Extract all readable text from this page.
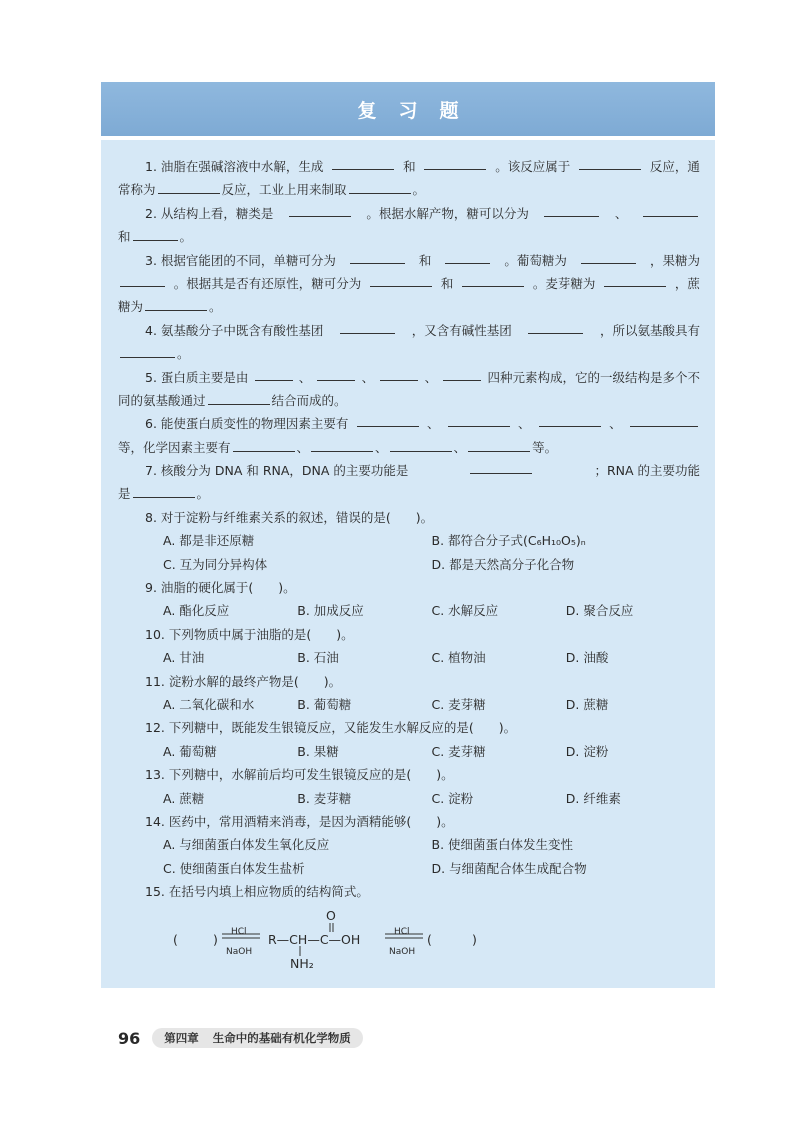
复习题
1. 油脂在强碱溶液中水解，生成	和	。该反应属于	反应，通
常称为	反应，工业上用来制取	。
2. 从结构上看，糖类是	。根据水解产物，糖可以分为	、
和	。
3. 根据官能团的不同，单糖可分为	和	。葡萄糖为	，果糖为
。根据其是否有还原性，糖可分为	和	。麦芽糖为	，蔗
糖为	。
4. 氨基酸分子中既含有酸性基团	，又含有碱性基团	，所以氨基酸具有
。
5. 蛋白质主要是由	、	、	、	四种元素构成，它的一级结构是多个不
同的氨基酸通过	结合而成的。
6. 能使蛋白质变性的物理因素主要有	、	、	、
等，化学因素主要有	、	、	、	等。
7. 核酸分为 DNA 和 RNA，DNA 的主要功能是	；RNA 的主要功能
是	。
8. 对于淀粉与纤维素关系的叙述，错误的是(　　)。
A. 都是非还原糖	B. 都符合分子式(C₆H₁₀O₅)ₙ
C. 互为同分异构体	D. 都是天然高分子化合物
9. 油脂的硬化属于(　　)。
A. 酯化反应	B. 加成反应	C. 水解反应	D. 聚合反应
10. 下列物质中属于油脂的是(　　)。
A. 甘油	B. 石油	C. 植物油	D. 油酸
11. 淀粉水解的最终产物是(　　)。
A. 二氧化碳和水	B. 葡萄糖	C. 麦芽糖	D. 蔗糖
12. 下列糖中，既能发生银镜反应，又能发生水解反应的是(　　)。
A. 葡萄糖	B. 果糖	C. 麦芽糖	D. 淀粉
13. 下列糖中，水解前后均可发生银镜反应的是(　　)。
A. 蔗糖	B. 麦芽糖	C. 淀粉	D. 纤维素
14. 医药中，常用酒精来消毒，是因为酒精能够(　　)。
A. 与细菌蛋白体发生氧化反应	B. 使细菌蛋白体发生变性
C. 使细菌蛋白体发生盐析	D. 与细菌配合体生成配合物
15. 在括号内填上相应物质的结构简式。
(	) HCl
NaOH
O
R—CH—C—OH
NH₂
HCl
NaOH
(	)
96	第四章 生命中的基础有机化学物质
